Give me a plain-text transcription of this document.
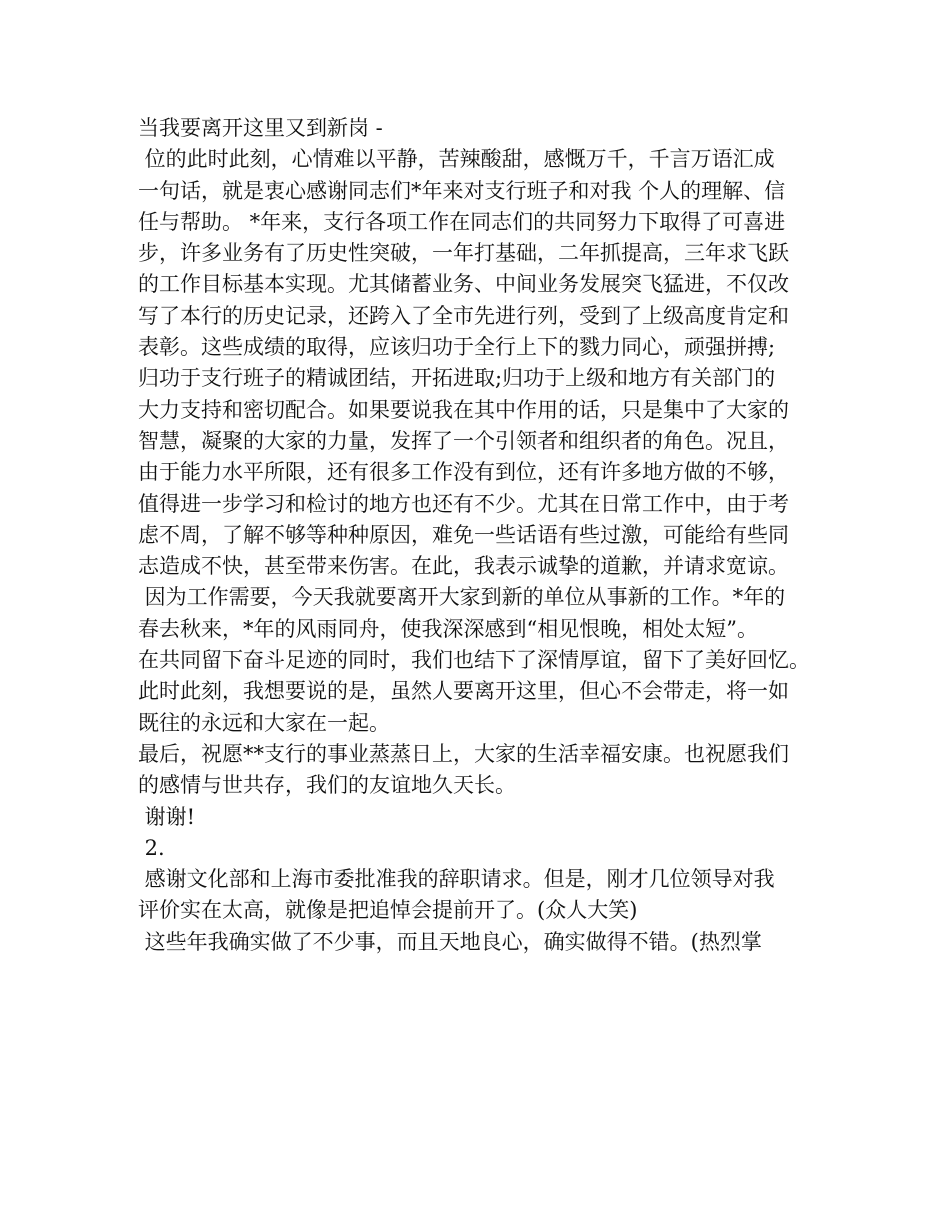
当我要离开这里又到新岗 -
位的此时此刻，心情难以平静，苦辣酸甜，感慨万千，千言万语汇成
一句话，就是衷心感谢同志们*年来对支行班子和对我 个人的理解、信
任与帮助。 *年来，支行各项工作在同志们的共同努力下取得了可喜进
步，许多业务有了历史性突破，一年打基础，二年抓提高，三年求飞跃
的工作目标基本实现。尤其储蓄业务、中间业务发展突飞猛进，不仅改
写了本行的历史记录，还跨入了全市先进行列，受到了上级高度肯定和
表彰。这些成绩的取得，应该归功于全行上下的戮力同心，顽强拼搏;
归功于支行班子的精诚团结，开拓进取;归功于上级和地方有关部门的
大力支持和密切配合。如果要说我在其中作用的话，只是集中了大家的
智慧，凝聚的大家的力量，发挥了一个引领者和组织者的角色。况且，
由于能力水平所限，还有很多工作没有到位，还有许多地方做的不够，
值得进一步学习和检讨的地方也还有不少。尤其在日常工作中，由于考
虑不周，了解不够等种种原因，难免一些话语有些过激，可能给有些同
志造成不快，甚至带来伤害。在此，我表示诚挚的道歉，并请求宽谅。
因为工作需要，今天我就要离开大家到新的单位从事新的工作。*年的
春去秋来，*年的风雨同舟，使我深深感到“相见恨晚，相处太短”。
在共同留下奋斗足迹的同时，我们也结下了深情厚谊，留下了美好回忆。
此时此刻，我想要说的是，虽然人要离开这里，但心不会带走，将一如
既往的永远和大家在一起。
最后，祝愿**支行的事业蒸蒸日上，大家的生活幸福安康。也祝愿我们
的感情与世共存，我们的友谊地久天长。
谢谢!
2.
感谢文化部和上海市委批准我的辞职请求。但是，刚才几位领导对我
评价实在太高，就像是把追悼会提前开了。(众人大笑)
这些年我确实做了不少事，而且天地良心，确实做得不错。(热烈掌
